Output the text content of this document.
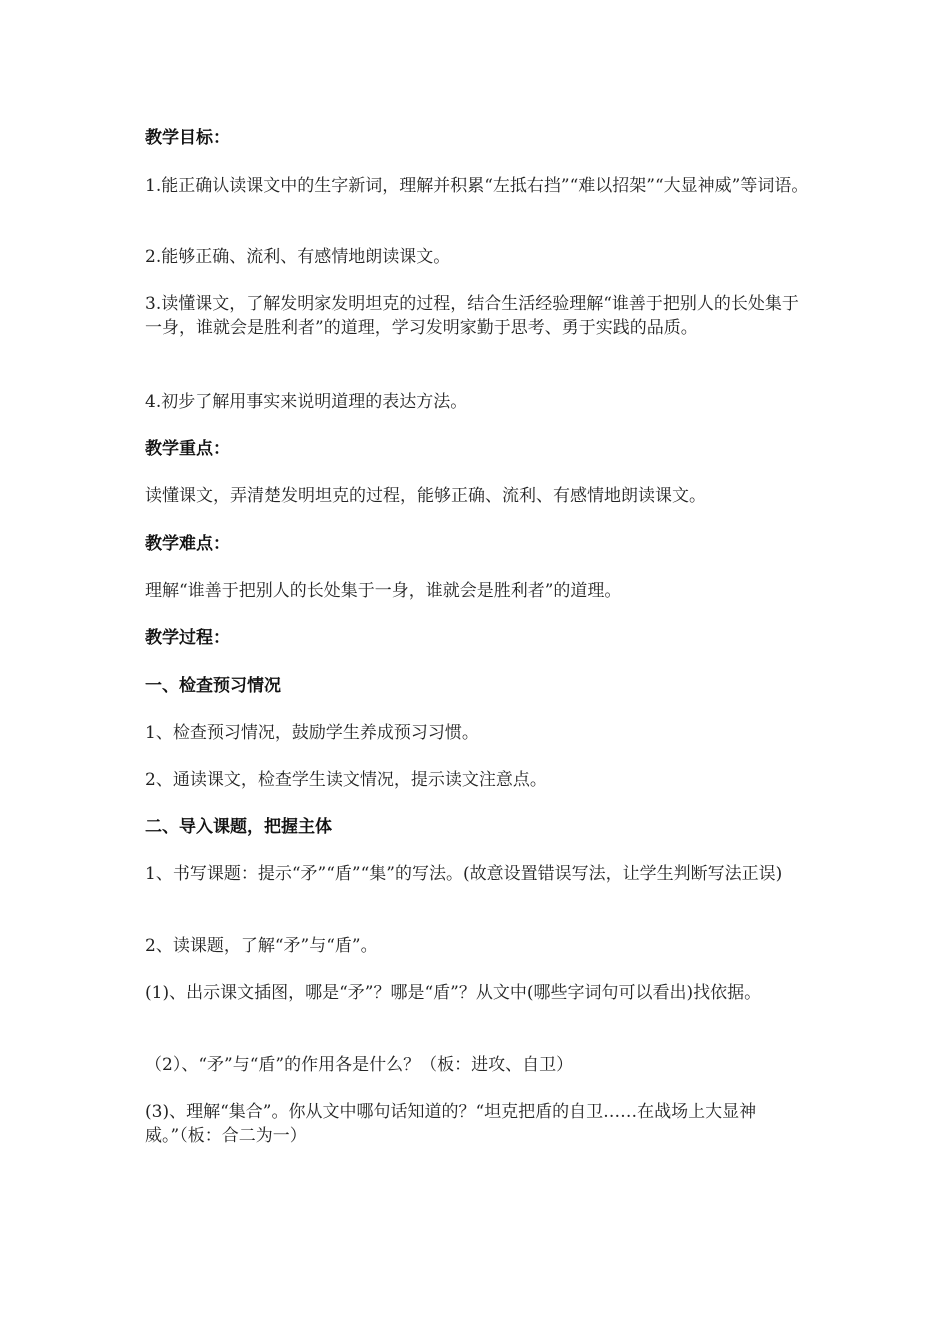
教学目标：

1.能正确认读课文中的生字新词，理解并积累“左抵右挡”“难以招架”“大显神威”等词语。

2.能够正确、流利、有感情地朗读课文。

3.读懂课文，了解发明家发明坦克的过程，结合生活经验理解“谁善于把别人的长处集于一身，谁就会是胜利者”的道理，学习发明家勤于思考、勇于实践的品质。

4.初步了解用事实来说明道理的表达方法。

教学重点：

读懂课文，弄清楚发明坦克的过程，能够正确、流利、有感情地朗读课文。

教学难点：

理解“谁善于把别人的长处集于一身，谁就会是胜利者”的道理。

教学过程：

一、检查预习情况

1、检查预习情况，鼓励学生养成预习习惯。

2、通读课文，检查学生读文情况，提示读文注意点。

二、导入课题，把握主体

1、书写课题：提示“矛”“盾”“集”的写法。(故意设置错误写法，让学生判断写法正误)

2、读课题，了解“矛”与“盾”。

(1)、出示课文插图，哪是“矛”？哪是“盾”？从文中(哪些字词句可以看出)找依据。

（2）、“矛”与“盾”的作用各是什么？（板：进攻、自卫）

(3)、理解“集合”。你从文中哪句话知道的？“坦克把盾的自卫……在战场上大显神威。”（板：合二为一）
